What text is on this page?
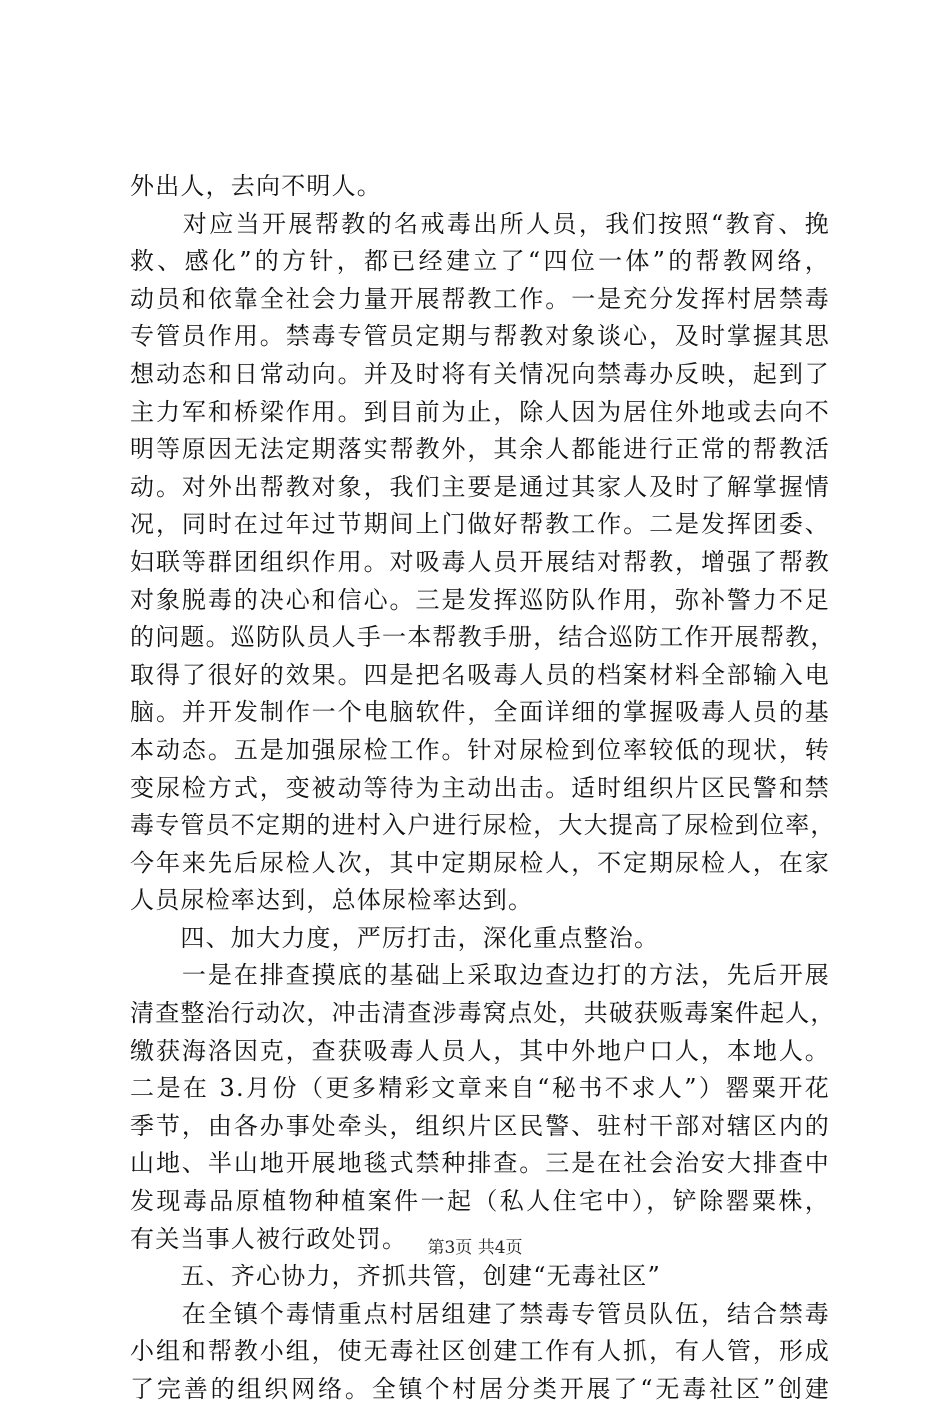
外出人，去向不明人。
　　对应当开展帮教的名戒毒出所人员，我们按照“教育、挽
救、感化”的方针，都已经建立了“四位一体”的帮教网络，
动员和依靠全社会力量开展帮教工作。一是充分发挥村居禁毒
专管员作用。禁毒专管员定期与帮教对象谈心，及时掌握其思
想动态和日常动向。并及时将有关情况向禁毒办反映，起到了
主力军和桥梁作用。到目前为止，除人因为居住外地或去向不
明等原因无法定期落实帮教外，其余人都能进行正常的帮教活
动。对外出帮教对象，我们主要是通过其家人及时了解掌握情
况，同时在过年过节期间上门做好帮教工作。二是发挥团委、
妇联等群团组织作用。对吸毒人员开展结对帮教，增强了帮教
对象脱毒的决心和信心。三是发挥巡防队作用，弥补警力不足
的问题。巡防队员人手一本帮教手册，结合巡防工作开展帮教，
取得了很好的效果。四是把名吸毒人员的档案材料全部输入电
脑。并开发制作一个电脑软件，全面详细的掌握吸毒人员的基
本动态。五是加强尿检工作。针对尿检到位率较低的现状，转
变尿检方式，变被动等待为主动出击。适时组织片区民警和禁
毒专管员不定期的进村入户进行尿检，大大提高了尿检到位率，
今年来先后尿检人次，其中定期尿检人，不定期尿检人，在家
人员尿检率达到，总体尿检率达到。
　　四、加大力度，严厉打击，深化重点整治。
　　一是在排查摸底的基础上采取边查边打的方法，先后开展
清查整治行动次，冲击清查涉毒窝点处，共破获贩毒案件起人，
缴获海洛因克，查获吸毒人员人，其中外地户口人，本地人。
二是在 3.月份（更多精彩文章来自“秘书不求人”）罂粟开花
季节，由各办事处牵头，组织片区民警、驻村干部对辖区内的
山地、半山地开展地毯式禁种排查。三是在社会治安大排查中
发现毒品原植物种植案件一起（私人住宅中），铲除罂粟株，
有关当事人被行政处罚。
　　五、齐心协力，齐抓共管，创建“无毒社区”
　　在全镇个毒情重点村居组建了禁毒专管员队伍，结合禁毒
小组和帮教小组，使无毒社区创建工作有人抓，有人管，形成
了完善的组织网络。全镇个村居分类开展了“无毒社区”创建
第3页 共4页
